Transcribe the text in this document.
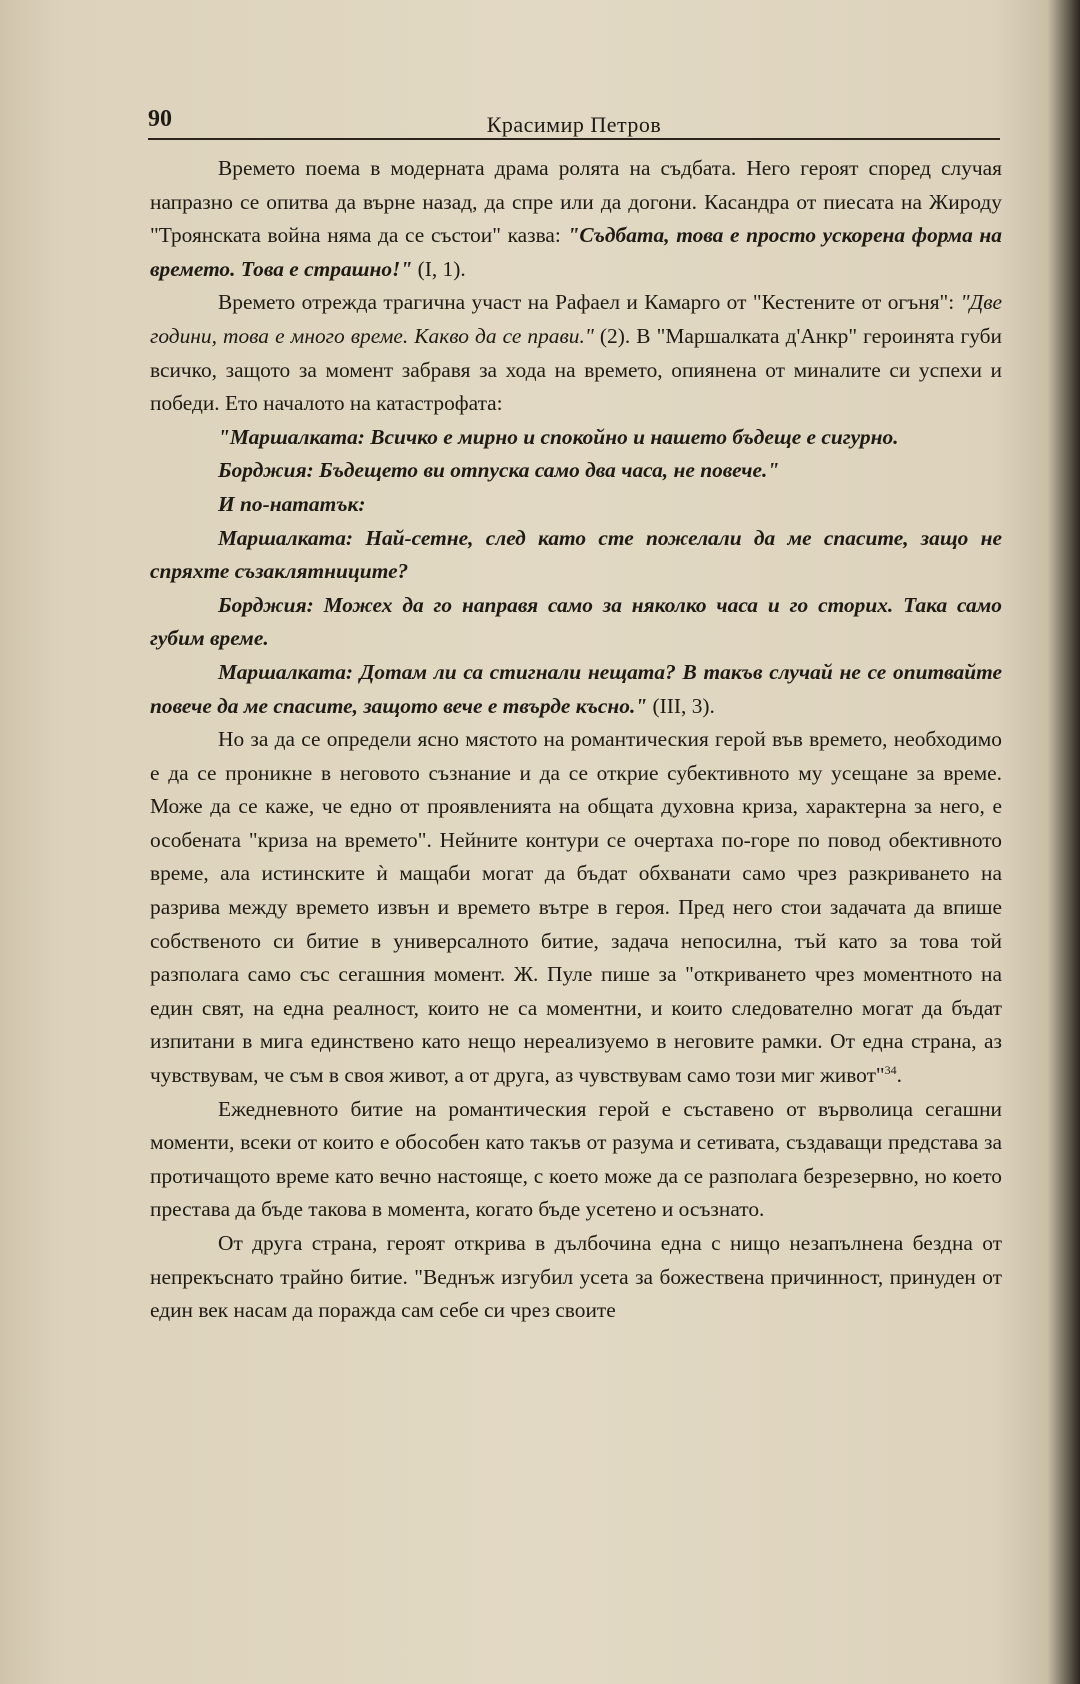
90	Красимир Петров

Времето поема в модерната драма ролята на съдбата. Него героят според случая напразно се опитва да върне назад, да спре или да догони. Касандра от пиесата на Жироду "Троянската война няма да се състои" казва: "Съдбата, това е просто ускорена форма на времето. Това е страшно!" (I, 1).

Времето отрежда трагична участ на Рафаел и Камарго от "Кестените от огъня": "Две години, това е много време. Какво да се прави." (2). В "Маршалката д'Анкр" героинята губи всичко, защото за момент забравя за хода на времето, опиянена от миналите си успехи и победи. Ето началото на катастрофата:

"Маршалката: Всичко е мирно и спокойно и нашето бъдеще е сигурно.

Борджия: Бъдещето ви отпуска само два часа, не повече."

И по-нататък:

Маршалката: Най-сетне, след като сте пожелали да ме спасите, защо не спряхте съзаклятниците?

Борджия: Можех да го направя само за няколко часа и го сторих. Така само губим време.

Маршалката: Дотам ли са стигнали нещата? В такъв случай не се опитвайте повече да ме спасите, защото вече е твърде късно." (III, 3).

Но за да се определи ясно мястото на романтическия герой във времето, необходимо е да се проникне в неговото съзнание и да се открие субективното му усещане за време. Може да се каже, че едно от проявленията на общата духовна криза, характерна за него, е особената "криза на времето". Нейните контури се очертаха по-горе по повод обективното време, ала истинските ѝ мащаби могат да бъдат обхванати само чрез разкриването на разрива между времето извън и времето вътре в героя. Пред него стои задачата да впише собственото си битие в универсалното битие, задача непосилна, тъй като за това той разполага само със сегашния момент. Ж. Пуле пише за "откриването чрез моментното на един свят, на една реалност, които не са моментни, и които следователно могат да бъдат изпитани в мига единствено като нещо нереализуемо в неговите рамки. От една страна, аз чувствувам, че съм в своя живот, а от друга, аз чувствувам само този миг живот"$^{34}$.

Ежедневното битие на романтическия герой е съставено от върволица сегашни моменти, всеки от които е обособен като такъв от разума и сетивата, създаващи представа за протичащото време като вечно настояще, с което може да се разполага безрезервно, но което престава да бъде такова в момента, когато бъде усетено и осъзнато.

От друга страна, героят открива в дълбочина една с нищо незапълнена бездна от непрекъснато трайно битие. "Веднъж изгубил усета за божествена причинност, принуден от един век насам да поражда сам себе си чрез своите
